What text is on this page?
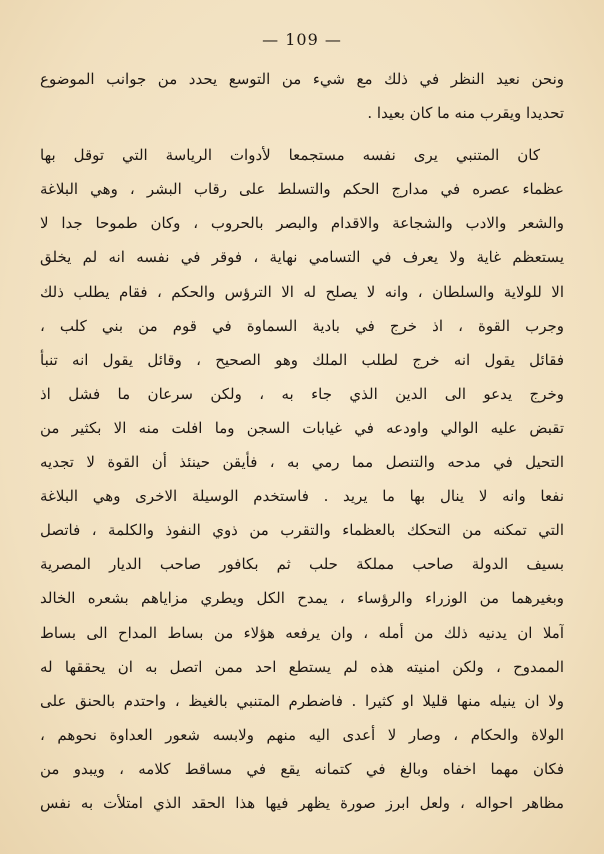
— 109 —
ونحن نعيد النظر في ذلك مع شيء من التوسع يحدد من جوانب الموضوع
تحديدا ويقرب منه ما كان بعيدا .
كان المتنبي يرى نفسه مستجمعا لأدوات الرياسة التي توقل بها
عظماء عصره في مدارج الحكم والتسلط على رقاب البشر ، وهي البلاغة
والشعر والادب والشجاعة والاقدام والبصر بالحروب ، وكان طموحا جدا لا
يستعظم غاية ولا يعرف في التسامي نهاية ، فوقر في نفسه انه لم يخلق
الا للولاية والسلطان ، وانه لا يصلح له الا الترؤس والحكم ، فقام يطلب ذلك
وجرب القوة ، اذ خرج في بادية السماوة في قوم من بني كلب ،
فقائل يقول انه خرج لطلب الملك وهو الصحيح ، وقائل يقول انه تنبأ
وخرج يدعو الى الدين الذي جاء به ، ولكن سرعان ما فشل اذ
تقبض عليه الوالي واودعه في غيابات السجن وما افلت منه الا بكثير من
التحيل في مدحه والتنصل مما رمي به ، فأيقن حينئذ أن القوة لا تجديه
نفعا وانه لا ينال بها ما يريد . فاستخدم الوسيلة الاخرى وهي البلاغة
التي تمكنه من التحكك بالعظماء والتقرب من ذوي النفوذ والكلمة ، فاتصل
بسيف الدولة صاحب مملكة حلب ثم بكافور صاحب الديار المصرية
وبغيرهما من الوزراء والرؤساء ، يمدح الكل ويطري مزاياهم بشعره الخالد
آملا ان يدنيه ذلك من أمله ، وان يرفعه هؤلاء من بساط المداح الى بساط
الممدوح ، ولكن امنيته هذه لم يستطع احد ممن اتصل به ان يحققها له
ولا ان ينيله منها قليلا او كثيرا . فاضطرم المتنبي بالغيظ ، واحتدم بالحنق على
الولاة والحكام ، وصار لا أعدى اليه منهم ولابسه شعور العداوة نحوهم ،
فكان مهما اخفاه وبالغ في كتمانه يقع في مساقط كلامه ، ويبدو من
مظاهر احواله ، ولعل ابرز صورة يظهر فيها هذا الحقد الذي امتلأت به نفس
